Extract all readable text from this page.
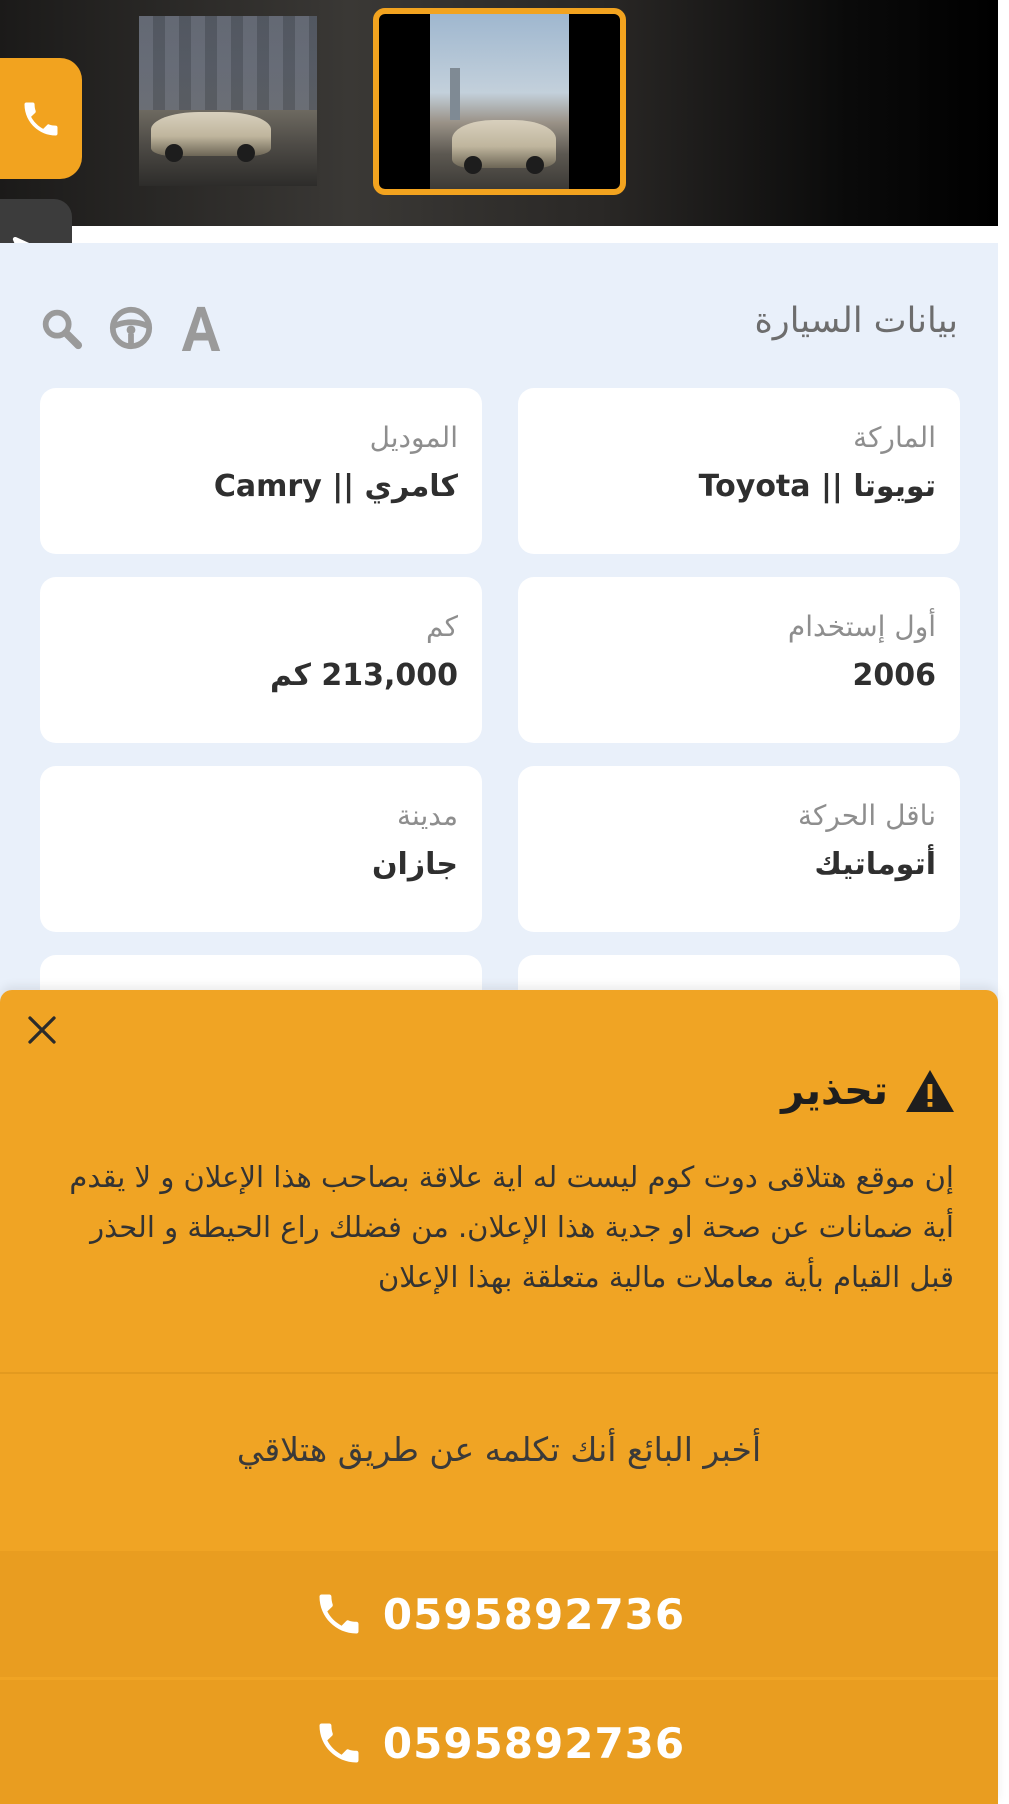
بيانات السيارة
الماركة
تويوتا || Toyota
الموديل
كامري || Camry
أول إستخدام
2006
كم
213,000 كم
ناقل الحركة
أتوماتيك
مدينة
جازان
تحذير
إن موقع هتلاقى دوت كوم ليست له اية علاقة بصاحب هذا الإعلان و لا يقدم أية ضمانات عن صحة او جدية هذا الإعلان. من فضلك راع الحيطة و الحذر قبل القيام بأية معاملات مالية متعلقة بهذا الإعلان
أخبر البائع أنك تكلمه عن طريق هتلاقي
0595892736
0595892736
